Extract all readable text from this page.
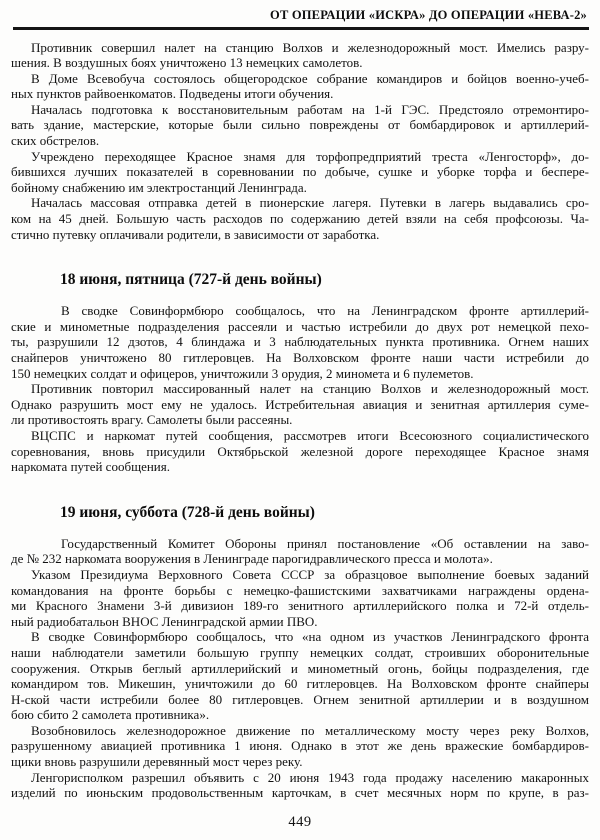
ОТ ОПЕРАЦИИ «ИСКРА» ДО ОПЕРАЦИИ «НЕВА-2»

Противник совершил налет на станцию Волхов и железнодорожный мост. Имелись разру-
шения. В воздушных боях уничтожено 13 немецких самолетов.

В Доме Всевобуча состоялось общегородское собрание командиров и бойцов военно-учеб-
ных пунктов райвоенкоматов. Подведены итоги обучения.

Началась подготовка к восстановительным работам на 1-й ГЭС. Предстояло отремонтиро-
вать здание, мастерские, которые были сильно повреждены от бомбардировок и артиллерий-
ских обстрелов.

Учреждено переходящее Красное знамя для торфопредприятий треста «Ленгосторф», до-
бившихся лучших показателей в соревновании по добыче, сушке и уборке торфа и беспере-
бойному снабжению им электростанций Ленинграда.

Началась массовая отправка детей в пионерские лагеря. Путевки в лагерь выдавались сро-
ком на 45 дней. Большую часть расходов по содержанию детей взяли на себя профсоюзы. Ча-
стично путевку оплачивали родители, в зависимости от заработка.

18 июня, пятница (727-й день войны)

В сводке Совинформбюро сообщалось, что на Ленинградском фронте артиллерий-
ские и минометные подразделения рассеяли и частью истребили до двух рот немецкой пехо-
ты, разрушили 12 дзотов, 4 блиндажа и 3 наблюдательных пункта противника. Огнем наших
снайперов уничтожено 80 гитлеровцев. На Волховском фронте наши части истребили до
150 немецких солдат и офицеров, уничтожили 3 орудия, 2 миномета и 6 пулеметов.

Противник повторил массированный налет на станцию Волхов и железнодорожный мост.
Однако разрушить мост ему не удалось. Истребительная авиация и зенитная артиллерия суме-
ли противостоять врагу. Самолеты были рассеяны.

ВЦСПС и наркомат путей сообщения, рассмотрев итоги Всесоюзного социалистического
соревнования, вновь присудили Октябрьской железной дороге переходящее Красное знамя
наркомата путей сообщения.

19 июня, суббота (728-й день войны)

Государственный Комитет Обороны принял постановление «Об оставлении на заво-
де № 232 наркомата вооружения в Ленинграде парогидравлического пресса и молота».

Указом Президиума Верховного Совета СССР за образцовое выполнение боевых заданий
командования на фронте борьбы с немецко-фашистскими захватчиками награждены ордена-
ми Красного Знамени 3-й дивизион 189-го зенитного артиллерийского полка и 72-й отдель-
ный радиобатальон ВНОС Ленинградской армии ПВО.

В сводке Совинформбюро сообщалось, что «на одном из участков Ленинградского фронта
наши наблюдатели заметили большую группу немецких солдат, строивших оборонительные
сооружения. Открыв беглый артиллерийский и минометный огонь, бойцы подразделения, где
командиром тов. Микешин, уничтожили до 60 гитлеровцев. На Волховском фронте снайперы
Н-ской части истребили более 80 гитлеровцев. Огнем зенитной артиллерии и в воздушном
бою сбито 2 самолета противника».

Возобновилось железнодорожное движение по металлическому мосту через реку Волхов,
разрушенному авиацией противника 1 июня. Однако в этот же день вражеские бомбардиров-
щики вновь разрушили деревянный мост через реку.

Ленгорисполком разрешил объявить с 20 июня 1943 года продажу населению макаронных
изделий по июньским продовольственным карточкам, в счет месячных норм по крупе, в раз-

449
